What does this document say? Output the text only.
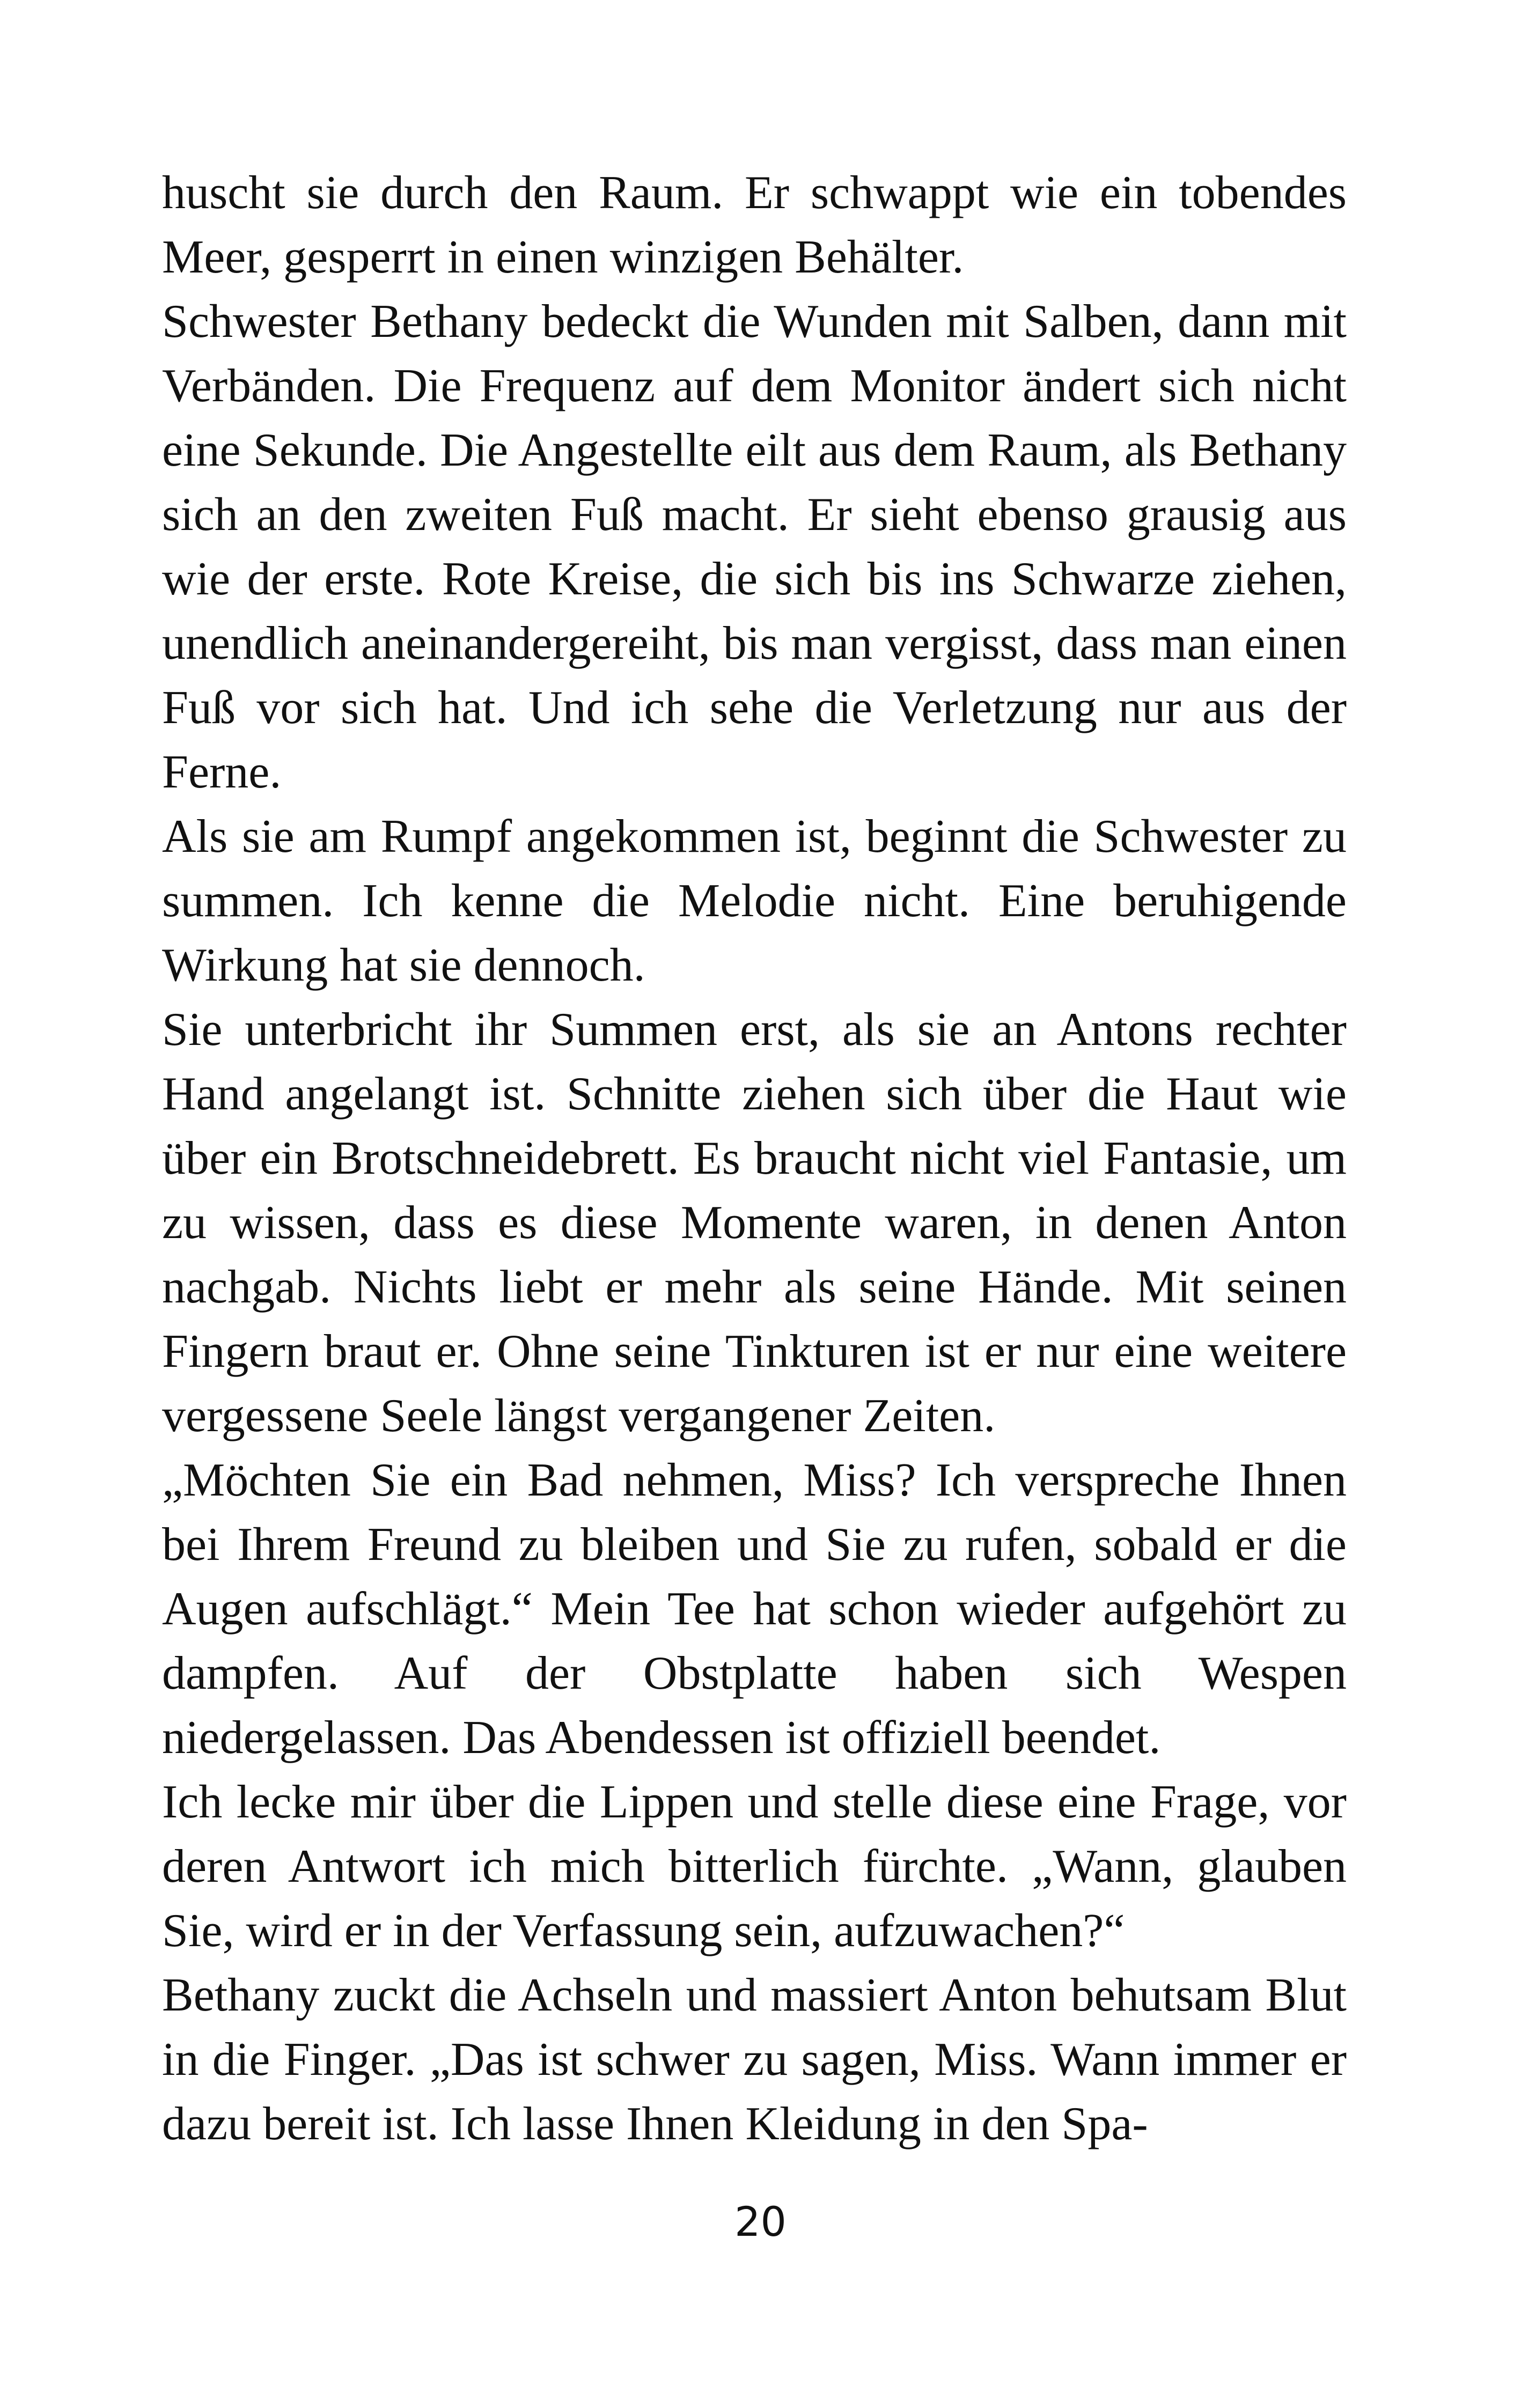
huscht sie durch den Raum. Er schwappt wie ein tobendes Meer, gesperrt in einen winzigen Behälter.

Schwester Bethany bedeckt die Wunden mit Salben, dann mit Verbänden. Die Frequenz auf dem Monitor ändert sich nicht eine Sekunde. Die Angestellte eilt aus dem Raum, als Bethany sich an den zweiten Fuß macht. Er sieht ebenso grausig aus wie der erste. Rote Kreise, die sich bis ins Schwarze ziehen, unendlich aneinandergereiht, bis man vergisst, dass man einen Fuß vor sich hat. Und ich sehe die Verletzung nur aus der Ferne.

Als sie am Rumpf angekommen ist, beginnt die Schwester zu summen. Ich kenne die Melodie nicht. Eine beruhigende Wirkung hat sie dennoch.

Sie unterbricht ihr Summen erst, als sie an Antons rechter Hand angelangt ist. Schnitte ziehen sich über die Haut wie über ein Brotschneidebrett. Es braucht nicht viel Fantasie, um zu wissen, dass es diese Momente waren, in denen Anton nachgab. Nichts liebt er mehr als seine Hände. Mit seinen Fingern braut er. Ohne seine Tinkturen ist er nur eine weitere vergessene Seele längst vergangener Zeiten.

„Möchten Sie ein Bad nehmen, Miss? Ich verspreche Ihnen bei Ihrem Freund zu bleiben und Sie zu rufen, sobald er die Augen aufschlägt.“ Mein Tee hat schon wieder aufgehört zu dampfen. Auf der Obstplatte haben sich Wespen niedergelassen. Das Abendessen ist offiziell beendet.

Ich lecke mir über die Lippen und stelle diese eine Frage, vor deren Antwort ich mich bitterlich fürchte. „Wann, glauben Sie, wird er in der Verfassung sein, aufzuwachen?“

Bethany zuckt die Achseln und massiert Anton behutsam Blut in die Finger. „Das ist schwer zu sagen, Miss. Wann immer er dazu bereit ist. Ich lasse Ihnen Kleidung in den Spa-

20
